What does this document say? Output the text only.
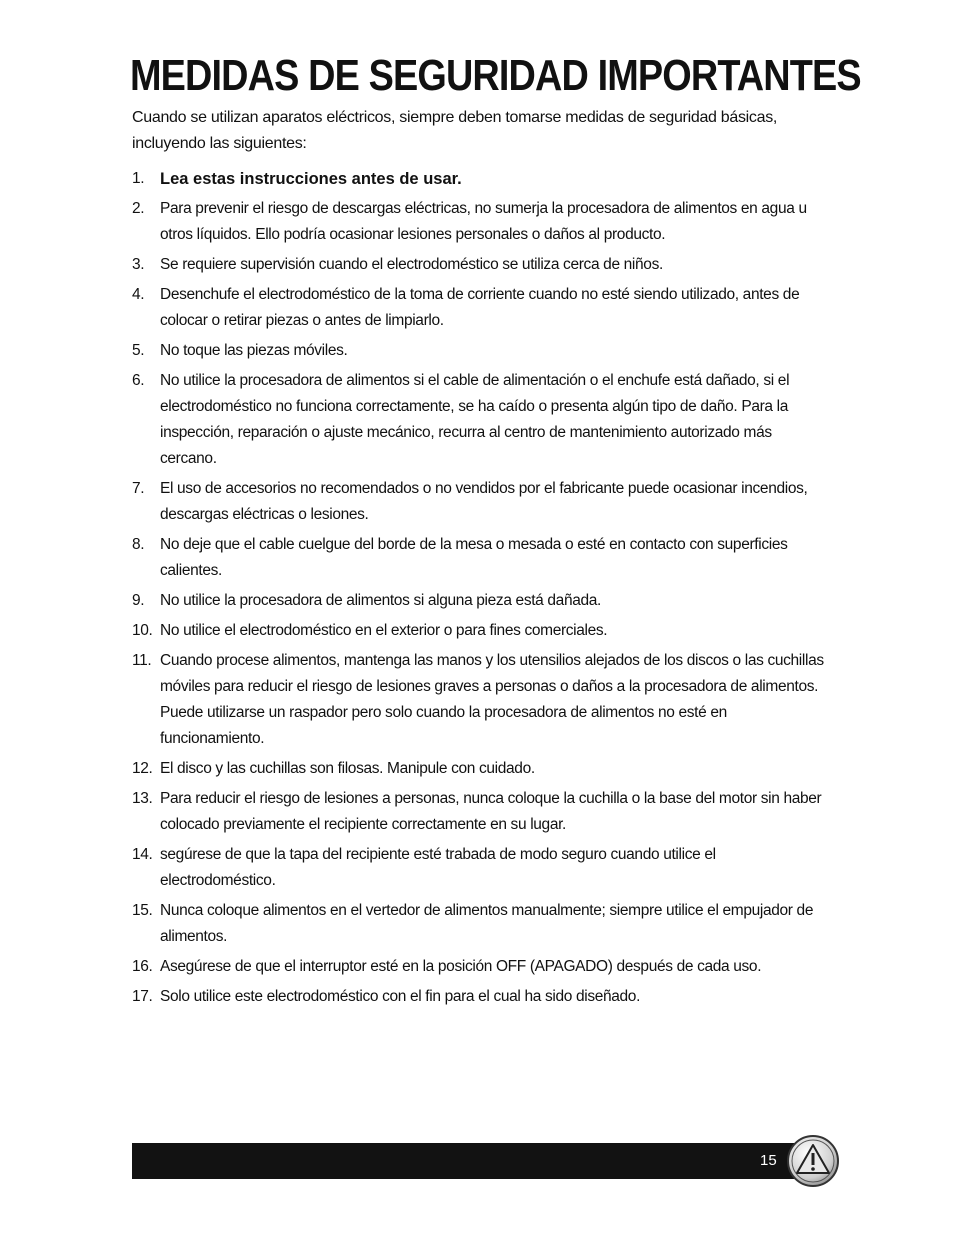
MEDIDAS DE SEGURIDAD IMPORTANTES
Cuando se utilizan aparatos eléctricos, siempre deben tomarse medidas de seguridad básicas, incluyendo las siguientes:
1. Lea estas instrucciones antes de usar.
2.	Para prevenir el riesgo de descargas eléctricas, no sumerja la procesadora de alimentos en agua u otros líquidos. Ello podría ocasionar lesiones personales o daños al producto.
3.	Se requiere supervisión cuando el electrodoméstico se utiliza cerca de niños.
4.	Desenchufe el electrodoméstico de la toma de corriente cuando no esté siendo utilizado, antes de colocar o retirar piezas o antes de limpiarlo.
5.	No toque las piezas móviles.
6.	No utilice la procesadora de alimentos si el cable de alimentación o el enchufe está dañado, si el electrodoméstico no funciona correctamente, se ha caído o presenta algún tipo de daño. Para la inspección, reparación o ajuste mecánico, recurra al centro de mantenimiento autorizado más cercano.
7.	El uso de accesorios no recomendados o no vendidos por el fabricante puede ocasionar incendios, descargas eléctricas o lesiones.
8.	No deje que el cable cuelgue del borde de la mesa o mesada o esté en contacto con superficies calientes.
9.	No utilice la procesadora de alimentos si alguna pieza está dañada.
10. No utilice el electrodoméstico en el exterior o para fines comerciales.
11. Cuando procese alimentos, mantenga las manos y los utensilios alejados de los discos o las cuchillas móviles para reducir el riesgo de lesiones graves a personas o daños a la procesadora de alimentos. Puede utilizarse un raspador pero solo cuando la procesadora de alimentos no esté en funcionamiento.
12. El disco y las cuchillas son filosas. Manipule con cuidado.
13. Para reducir el riesgo de lesiones a personas, nunca coloque la cuchilla o la base del motor sin haber colocado previamente el recipiente correctamente en su lugar.
14. segúrese de que la tapa del recipiente esté trabada de modo seguro cuando utilice el electrodoméstico.
15. Nunca coloque alimentos en el vertedor de alimentos manualmente; siempre utilice el empujador de alimentos.
16. Asegúrese de que el interruptor esté en la posición OFF (APAGADO) después de cada uso.
17. Solo utilice este electrodoméstico con el fin para el cual ha sido diseñado.
15
